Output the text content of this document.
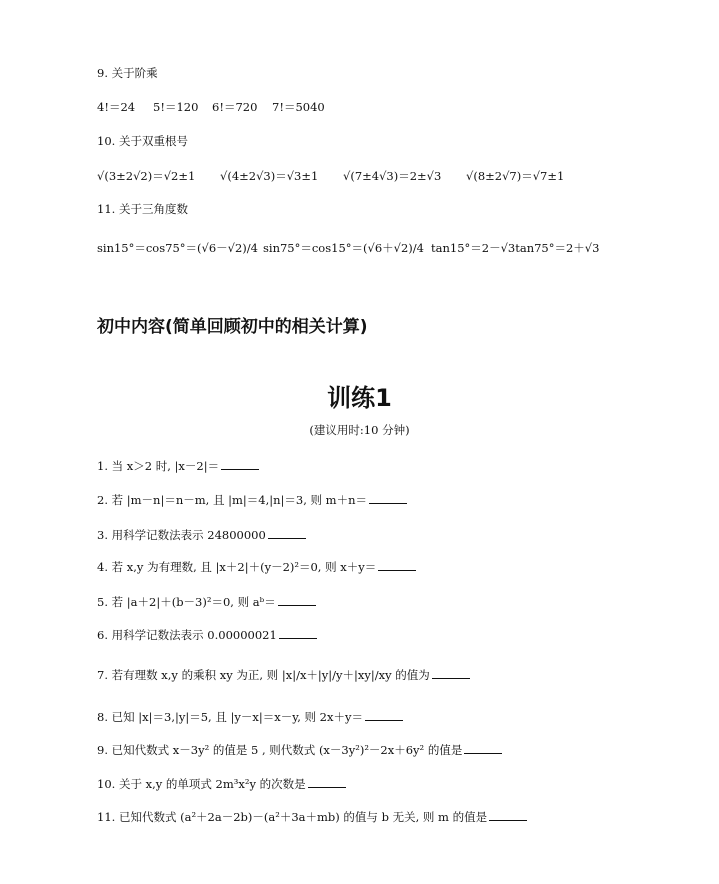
9. 关于阶乘
4!＝24 5!＝120 6!＝720 7!＝5040
10. 关于双重根号
√(3±2√2)＝√2±1 √(4±2√3)＝√3±1 √(7±4√3)＝2±√3 √(8±2√7)＝√7±1
11. 关于三角度数
sin15°＝cos75°＝(√6－√2)/4 sin75°＝cos15°＝(√6＋√2)/4 tan15°＝2－√3tan75°＝2＋√3
初中内容(简单回顾初中的相关计算)
训练1
(建议用时:10 分钟)
1. 当 x＞2 时, |x－2|＝
2. 若 |m－n|＝n－m, 且 |m|＝4,|n|＝3, 则 m＋n＝
3. 用科学记数法表示 24800000
4. 若 x,y 为有理数, 且 |x＋2|＋(y－2)²＝0, 则 x＋y＝
5. 若 |a＋2|＋(b－3)²＝0, 则 aᵇ＝
6. 用科学记数法表示 0.00000021
7. 若有理数 x,y 的乘积 xy 为正, 则 |x|/x＋|y|/y＋|xy|/xy 的值为
8. 已知 |x|＝3,|y|＝5, 且 |y－x|＝x－y, 则 2x＋y＝
9. 已知代数式 x－3y² 的值是 5 , 则代数式 (x－3y²)²－2x＋6y² 的值是
10. 关于 x,y 的单项式 2m³x²y 的次数是
11. 已知代数式 (a²＋2a－2b)－(a²＋3a＋mb) 的值与 b 无关, 则 m 的值是
